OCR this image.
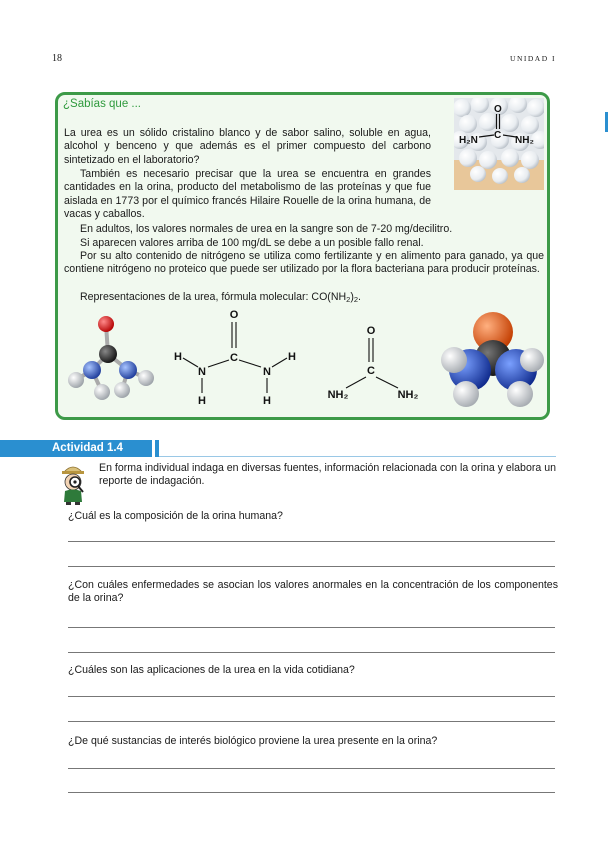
18	UNIDAD I
¿Sabías que ...

La urea es un sólido cristalino blanco y de sabor salino, soluble en agua, alcohol y benceno y que además es el primer compuesto del carbono sintetizado en el laboratorio?

También es necesario precisar que la urea se encuentra en grandes cantidades en la orina, producto del metabolismo de las proteínas y que fue aislada en 1773 por el químico francés Hilaire Rouelle de la orina humana, de vacas y caballos.

En adultos, los valores normales de urea en la sangre son de 7-20 mg/decilitro.

Si aparecen valores arriba de 100 mg/dL se debe a un posible fallo renal.

Por su alto contenido de nitrógeno se utiliza como fertilizante y en alimento para ganado, ya que contiene nitrógeno no proteico que puede ser utilizado por la flora bacteriana para producir proteínas.

Representaciones de la urea, fórmula molecular: CO(NH2)2.

O
C
H₂N	NH₂
O
C
N	N
H	H
H	H
O
C
NH₂	NH₂
Actividad 1.4

En forma individual indaga en diversas fuentes, información relacionada con la orina y elabora un reporte de indagación.

¿Cuál es la composición de la orina humana?

¿Con cuáles enfermedades se asocian los valores anormales en la concentración de los componentes de la orina?

¿Cuáles son las aplicaciones de la urea en la vida cotidiana?

¿De qué sustancias de interés biológico proviene la urea presente en la orina?
